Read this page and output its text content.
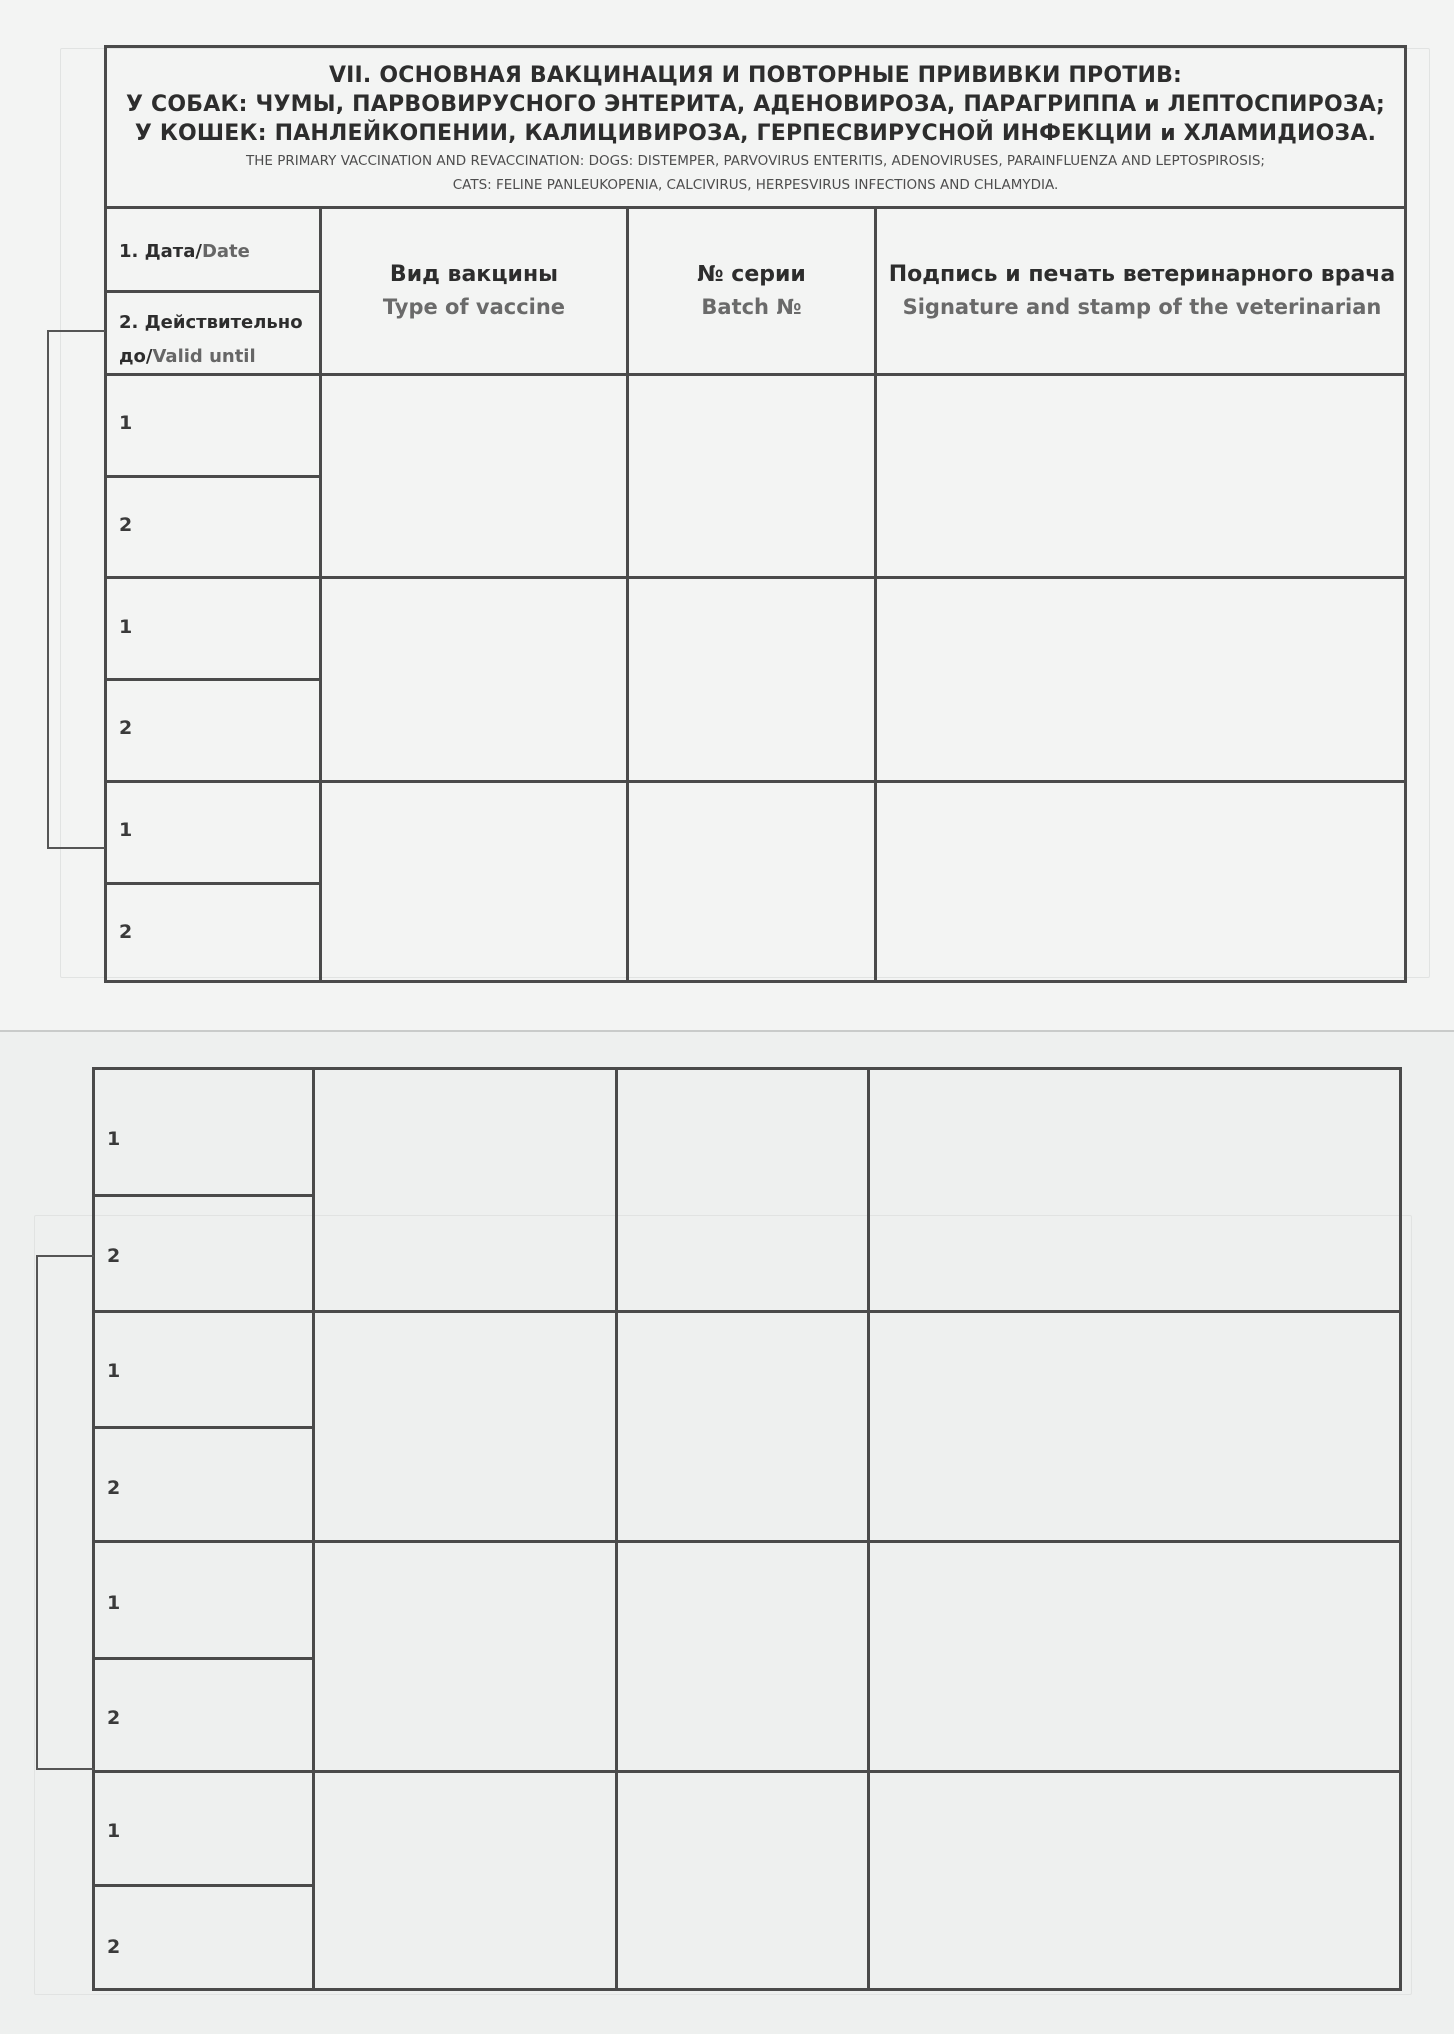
VII. ОСНОВНАЯ ВАКЦИНАЦИЯ И ПОВТОРНЫЕ ПРИВИВКИ ПРОТИВ:
У СОБАК: ЧУМЫ, ПАРВОВИРУСНОГО ЭНТЕРИТА, АДЕНОВИРОЗА, ПАРАГРИППА и ЛЕПТОСПИРОЗА;
У КОШЕК: ПАНЛЕЙКОПЕНИИ, КАЛИЦИВИРОЗА, ГЕРПЕСВИРУСНОЙ ИНФЕКЦИИ и ХЛАМИДИОЗА.
THE PRIMARY VACCINATION AND REVACCINATION: DOGS: DISTEMPER, PARVOVIRUS ENTERITIS, ADENOVIRUSES, PARAINFLUENZA AND LEPTOSPIROSIS;
CATS: FELINE PANLEUKOPENIA, CALCIVIRUS, HERPESVIRUS INFECTIONS AND CHLAMYDIA.
1. Дата/Date
2. Действительно
до/Valid until
Вид вакцины
Type of vaccine
№ серии
Batch №
Подпись и печать ветеринарного врача
Signature and stamp of the veterinarian
1
2
1
2
1
2
1
2
1
2
1
2
1
2
